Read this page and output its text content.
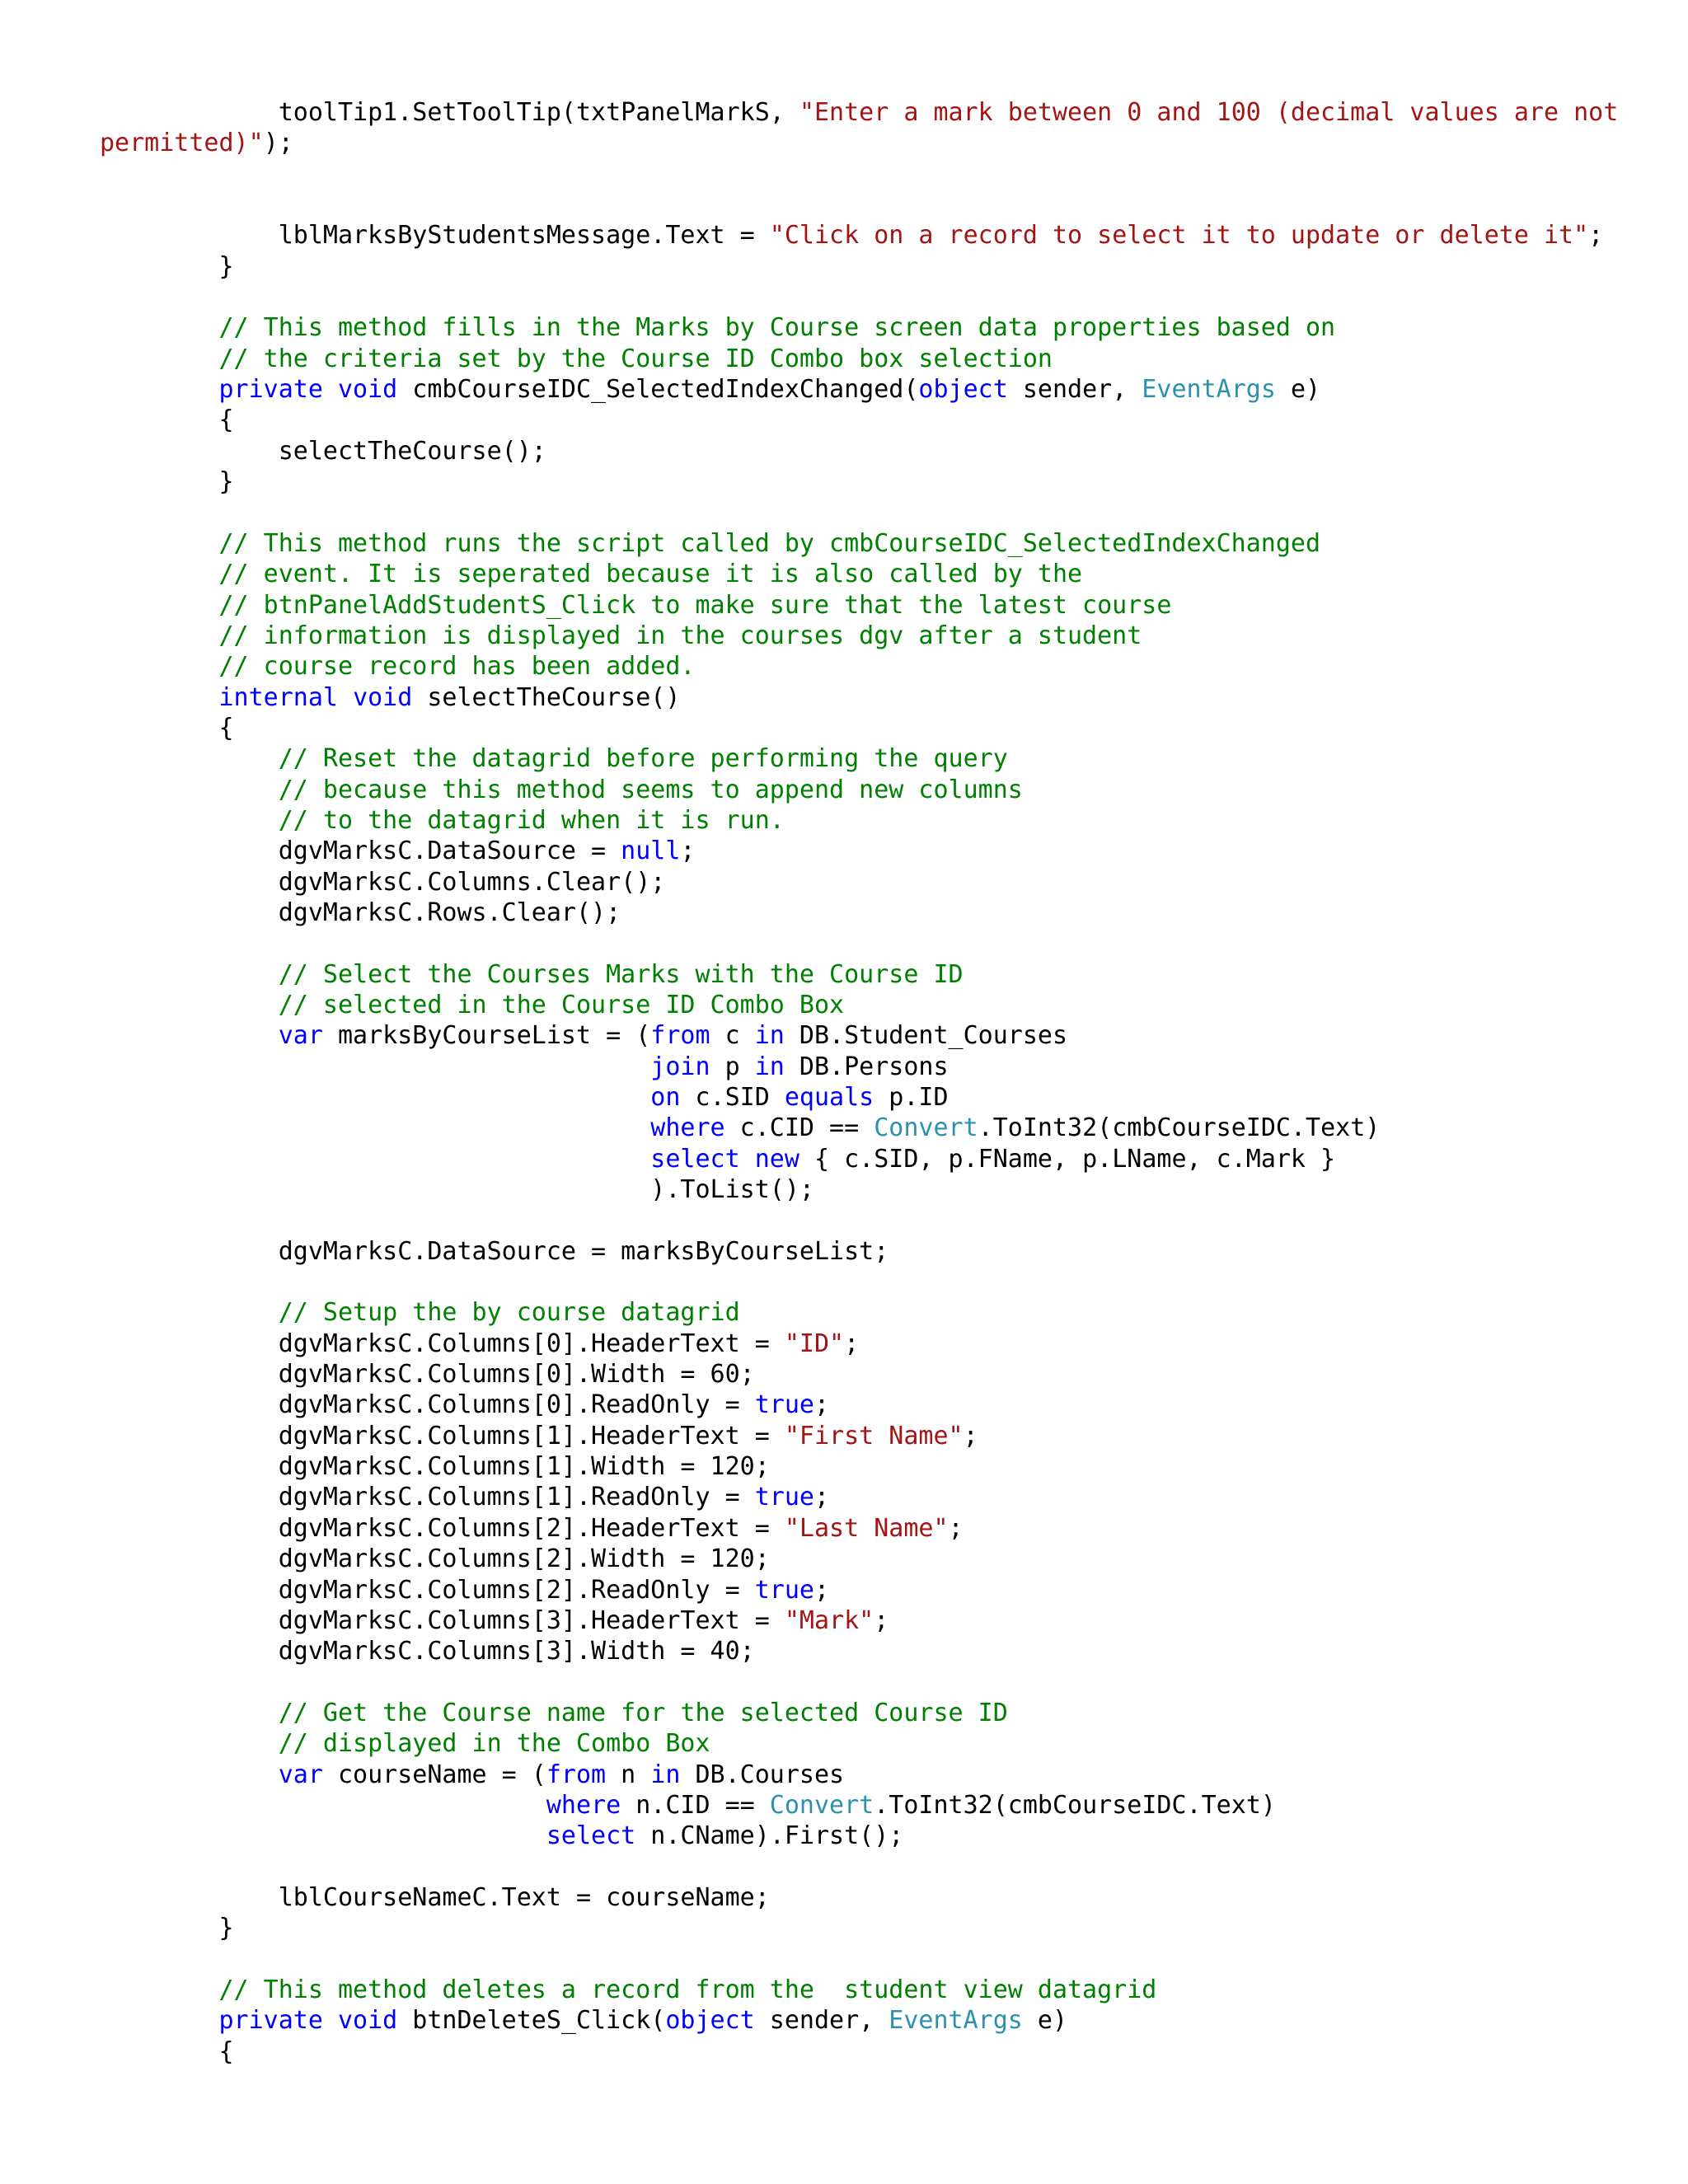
toolTip1.SetToolTip(txtPanelMarkS, "Enter a mark between 0 and 100 (decimal values are not
permitted)");

lblMarksByStudentsMessage.Text = "Click on a record to select it to update or delete it";
}

// This method fills in the Marks by Course screen data properties based on
// the criteria set by the Course ID Combo box selection
private void cmbCourseIDC_SelectedIndexChanged(object sender, EventArgs e)
{
selectTheCourse();
}

// This method runs the script called by cmbCourseIDC_SelectedIndexChanged
// event. It is seperated because it is also called by the
// btnPanelAddStudentS_Click to make sure that the latest course
// information is displayed in the courses dgv after a student
// course record has been added.
internal void selectTheCourse()
{
// Reset the datagrid before performing the query
// because this method seems to append new columns
// to the datagrid when it is run.
dgvMarksC.DataSource = null;
dgvMarksC.Columns.Clear();
dgvMarksC.Rows.Clear();

// Select the Courses Marks with the Course ID
// selected in the Course ID Combo Box
var marksByCourseList = (from c in DB.Student_Courses
join p in DB.Persons
on c.SID equals p.ID
where c.CID == Convert.ToInt32(cmbCourseIDC.Text)
select new { c.SID, p.FName, p.LName, c.Mark }
).ToList();

dgvMarksC.DataSource = marksByCourseList;

// Setup the by course datagrid
dgvMarksC.Columns[0].HeaderText = "ID";
dgvMarksC.Columns[0].Width = 60;
dgvMarksC.Columns[0].ReadOnly = true;
dgvMarksC.Columns[1].HeaderText = "First Name";
dgvMarksC.Columns[1].Width = 120;
dgvMarksC.Columns[1].ReadOnly = true;
dgvMarksC.Columns[2].HeaderText = "Last Name";
dgvMarksC.Columns[2].Width = 120;
dgvMarksC.Columns[2].ReadOnly = true;
dgvMarksC.Columns[3].HeaderText = "Mark";
dgvMarksC.Columns[3].Width = 40;

// Get the Course name for the selected Course ID
// displayed in the Combo Box
var courseName = (from n in DB.Courses
where n.CID == Convert.ToInt32(cmbCourseIDC.Text)
select n.CName).First();

lblCourseNameC.Text = courseName;
}

// This method deletes a record from the  student view datagrid
private void btnDeleteS_Click(object sender, EventArgs e)
{
